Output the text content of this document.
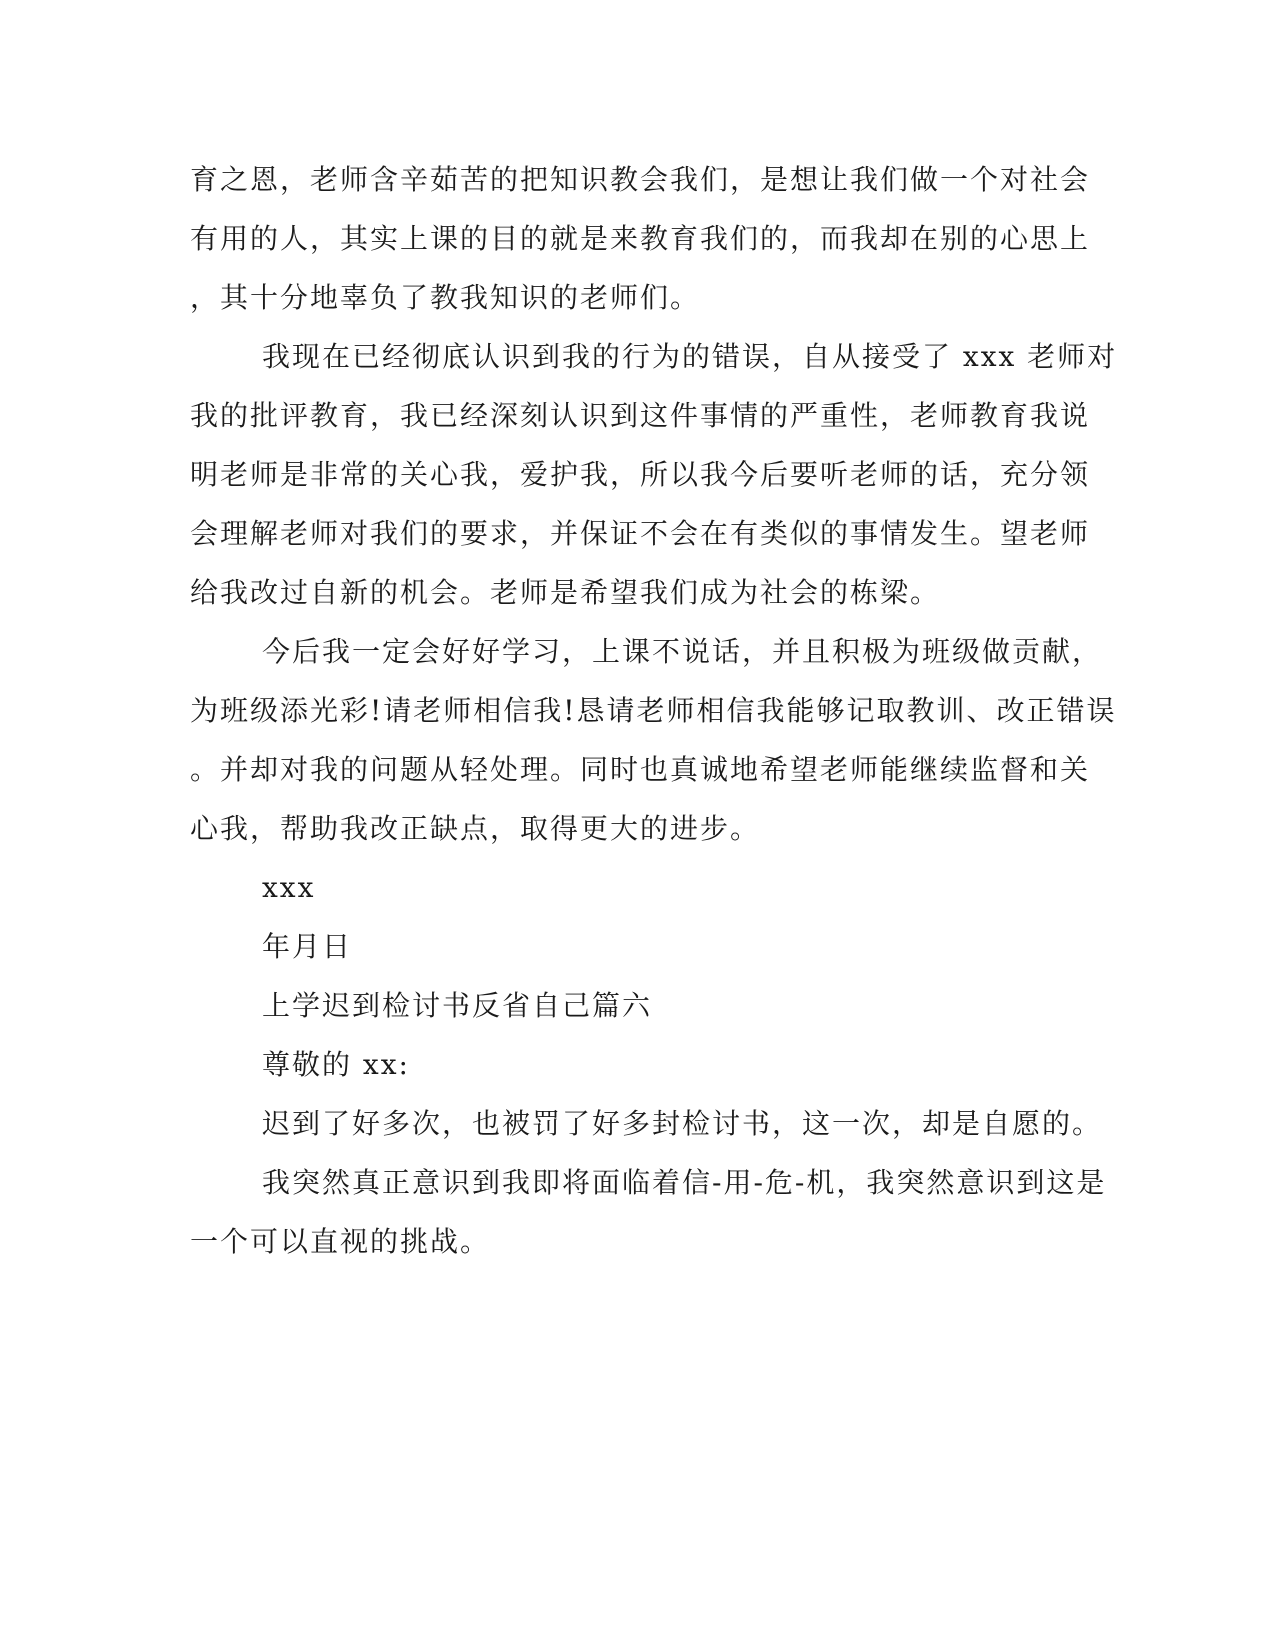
育之恩，老师含辛茹苦的把知识教会我们，是想让我们做一个对社会
有用的人，其实上课的目的就是来教育我们的，而我却在别的心思上
，其十分地辜负了教我知识的老师们。
我现在已经彻底认识到我的行为的错误，自从接受了 xxx 老师对
我的批评教育，我已经深刻认识到这件事情的严重性，老师教育我说
明老师是非常的关心我，爱护我，所以我今后要听老师的话，充分领
会理解老师对我们的要求，并保证不会在有类似的事情发生。望老师
给我改过自新的机会。老师是希望我们成为社会的栋梁。
今后我一定会好好学习，上课不说话，并且积极为班级做贡献，
为班级添光彩!请老师相信我!恳请老师相信我能够记取教训、改正错误
。并却对我的问题从轻处理。同时也真诚地希望老师能继续监督和关
心我，帮助我改正缺点，取得更大的进步。
xxx
年月日
上学迟到检讨书反省自己篇六
尊敬的 xx:
迟到了好多次，也被罚了好多封检讨书，这一次，却是自愿的。
我突然真正意识到我即将面临着信-用-危-机，我突然意识到这是
一个可以直视的挑战。
